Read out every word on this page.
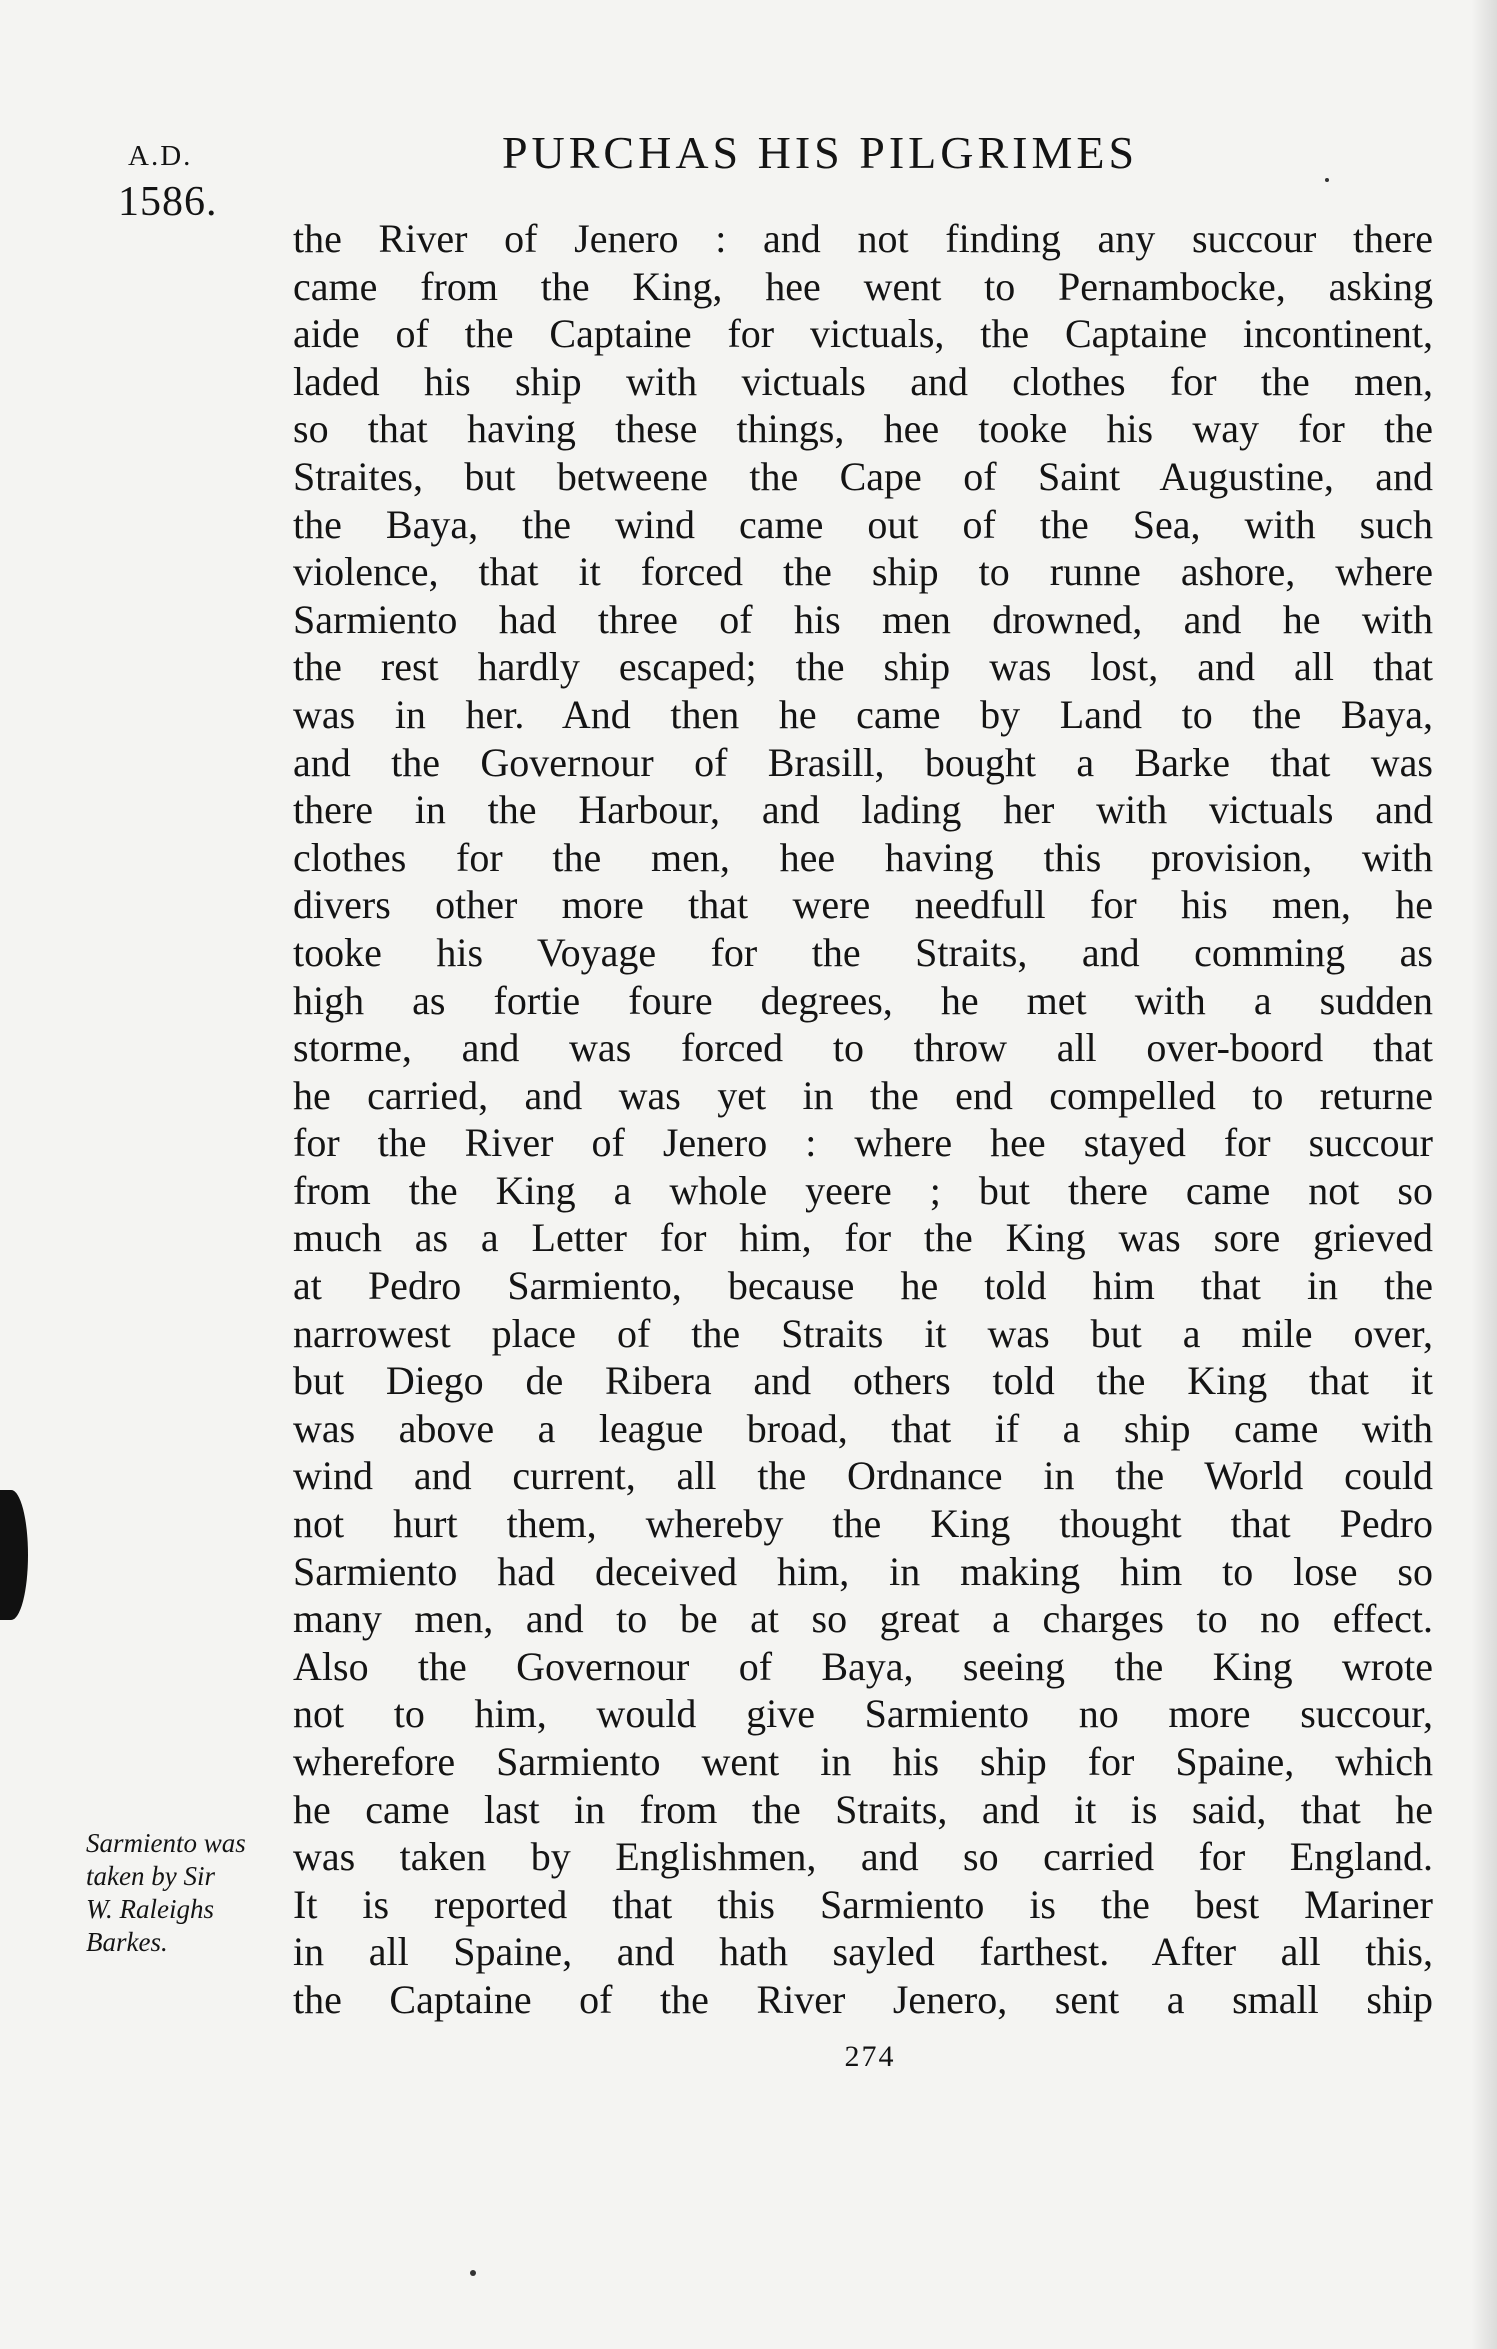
A.D.
1586.
PURCHAS HIS PILGRIMES
the River of Jenero : and not finding any succour there
came from the King, hee went to Pernambocke, asking
aide of the Captaine for victuals, the Captaine incontinent,
laded his ship with victuals and clothes for the men,
so that having these things, hee tooke his way for the
Straites, but betweene the Cape of Saint Augustine, and
the Baya, the wind came out of the Sea, with such
violence, that it forced the ship to runne ashore, where
Sarmiento had three of his men drowned, and he with
the rest hardly escaped; the ship was lost, and all that
was in her. And then he came by Land to the Baya,
and the Governour of Brasill, bought a Barke that was
there in the Harbour, and lading her with victuals and
clothes for the men, hee having this provision, with
divers other more that were needfull for his men, he
tooke his Voyage for the Straits, and comming as
high as fortie foure degrees, he met with a sudden
storme, and was forced to throw all over-boord that
he carried, and was yet in the end compelled to returne
for the River of Jenero : where hee stayed for succour
from the King a whole yeere ; but there came not so
much as a Letter for him, for the King was sore grieved
at Pedro Sarmiento, because he told him that in the
narrowest place of the Straits it was but a mile over,
but Diego de Ribera and others told the King that it
was above a league broad, that if a ship came with
wind and current, all the Ordnance in the World could
not hurt them, whereby the King thought that Pedro
Sarmiento had deceived him, in making him to lose so
many men, and to be at so great a charges to no effect.
Also the Governour of Baya, seeing the King wrote
not to him, would give Sarmiento no more succour,
wherefore Sarmiento went in his ship for Spaine, which
he came last in from the Straits, and it is said, that he
was taken by Englishmen, and so carried for England.
It is reported that this Sarmiento is the best Mariner
in all Spaine, and hath sayled farthest. After all this,
the Captaine of the River Jenero, sent a small ship
Sarmiento was
taken by Sir
W. Raleighs
Barkes.
274
